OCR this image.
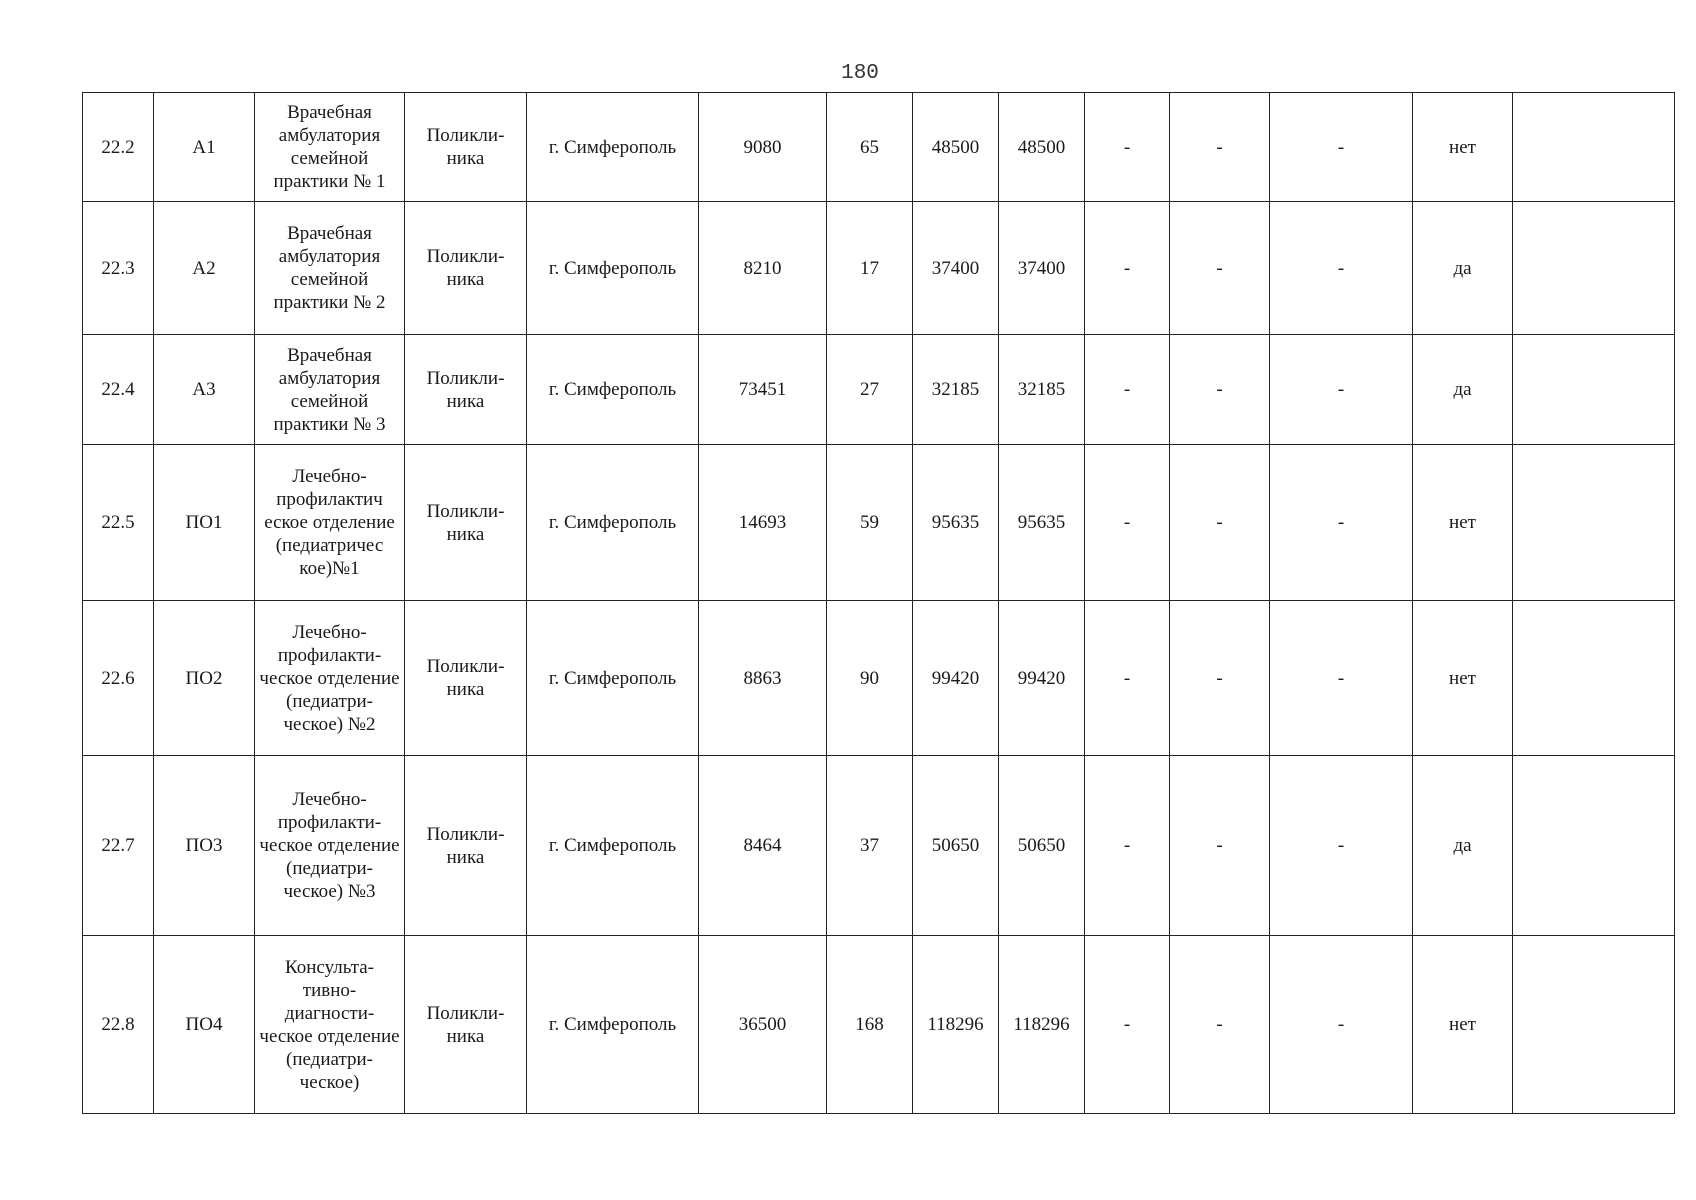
180
22.2	А1	Врачебная амбулатория семейной практики № 1	Поликли-ника	г. Симферополь	9080	65	48500	48500	-	-	-	нет	
22.3	А2	Врачебная амбулатория семейной практики № 2	Поликли-ника	г. Симферополь	8210	17	37400	37400	-	-	-	да	
22.4	А3	Врачебная амбулатория семейной практики № 3	Поликли-ника	г. Симферополь	73451	27	32185	32185	-	-	-	да	
22.5	ПО1	Лечебно-профилактич еское отделение (педиатричес кое)№1	Поликли-ника	г. Симферополь	14693	59	95635	95635	-	-	-	нет	
22.6	ПО2	Лечебно-профилакти-ческое отделение (педиатри-ческое) №2	Поликли-ника	г. Симферополь	8863	90	99420	99420	-	-	-	нет	
22.7	ПО3	Лечебно-профилакти-ческое отделение (педиатри-ческое) №3	Поликли-ника	г. Симферополь	8464	37	50650	50650	-	-	-	да	
22.8	ПО4	Консульта-тивно-диагности-ческое отделение (педиатри-ческое)	Поликли-ника	г. Симферополь	36500	168	118296	118296	-	-	-	нет	
